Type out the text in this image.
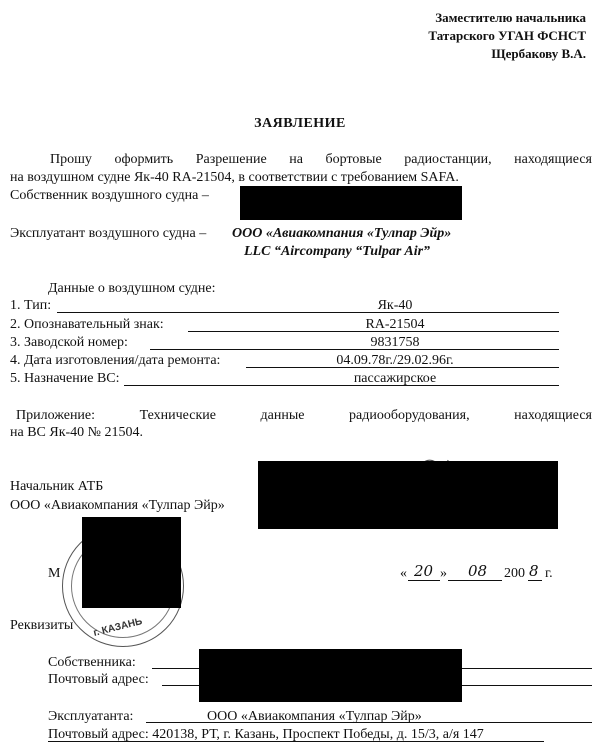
Заместителю начальника
Татарского УГАН ФСНСТ
Щербакову В.А.
ЗАЯВЛЕНИЕ
Прошу оформить Разрешение на бортовые радиостанции, находящиеся
на воздушном судне Як-40 RA-21504, в соответствии с требованием SAFA.
Собственник воздушного судна –
Эксплуатант воздушного судна – ООО «Авиакомпания «Тулпар Эйр»
LLC “Aircompany “Tulpar Air”
Данные о воздушном судне:
1. Тип:	Як-40
2. Опознавательный знак:	RA-21504
3. Заводской номер:	9831758
4. Дата изготовления/дата ремонта:	04.09.78г./29.02.96г.
5. Назначение ВС:	пассажирское
Приложение: Технические данные радиооборудования, находящиеся
на ВС Як-40 № 21504.
Начальник АТБ
ООО «Авиакомпания «Тулпар Эйр»
г. КАЗАНЬ
М	« 20 » 08 200 8 г.
Реквизиты
Собственника:
Почтовый адрес:
Эксплуатанта:	ООО «Авиакомпания «Тулпар Эйр»
Почтовый адрес: 420138, РТ, г. Казань, Проспект Победы, д. 15/3, а/я 147
